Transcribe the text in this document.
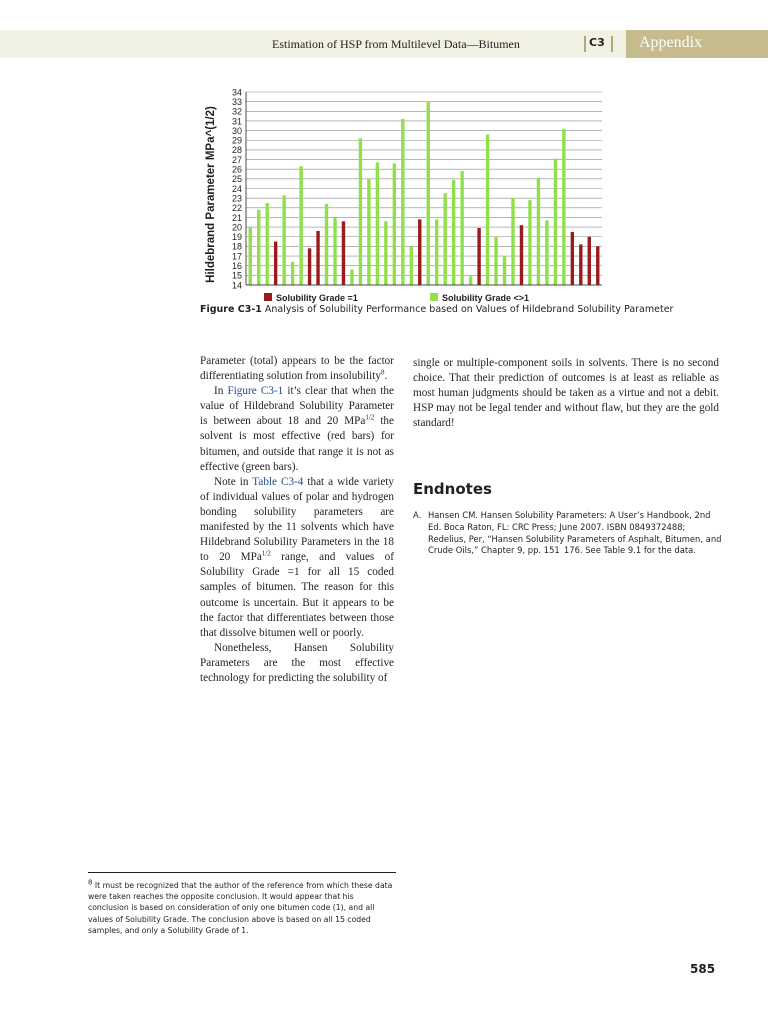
Estimation of HSP from Multilevel Data—Bitumen	C3 Appendix
14
15
16
17
18
19
20
21
22
23
24
25
26
27
28
29
30
31
32
33
34
Solubility Grade =1	Solubility Grade <>1
Hildebrand Parameter MPa^(1/2)
Figure C3-1 Analysis of Solubility Performance based on Values of Hildebrand Solubility Parameter

Parameter (total) appears to be the factor differentiating solution from insolubility$^8$.

In Figure C3-1 it’s clear that when the value of Hildebrand Solubility Parameter is between about 18 and 20 MPa$^{1/2}$ the solvent is most effective (red bars) for bitumen, and outside that range it is not as effective (green bars).

Note in Table C3-4 that a wide variety of individual values of polar and hydrogen bonding solubility parameters are manifested by the 11 solvents which have Hildebrand Solubility Parameters in the 18 to 20 MPa$^{1/2}$ range, and values of Solubility Grade =1 for all 15 coded samples of bitumen. The reason for this outcome is uncertain. But it appears to be the factor that differentiates between those that dissolve bitumen well or poorly.

Nonetheless, Hansen Solubility Parameters are the most effective technology for predicting the solubility of

single or multiple-component soils in solvents. There is no second choice. That their prediction of outcomes is at least as reliable as most human judgments should be taken as a virtue and not a debit. HSP may not be legal tender and without flaw, but they are the gold standard!

Endnotes
A. Hansen CM. Hansen Solubility Parameters: A User’s Handbook, 2nd Ed. Boca Raton, FL: CRC Press; June 2007. ISBN 0849372488; Redelius, Per, “Hansen Solubility Parameters of Asphalt, Bitumen, and Crude Oils,” Chapter 9, pp. 151 176. See Table 9.1 for the data.
$^8$ It must be recognized that the author of the reference from which these data were taken reaches the opposite conclusion. It would appear that his conclusion is based on consideration of only one bitumen code (1), and all values of Solubility Grade. The conclusion above is based on all 15 coded samples, and only a Solubility Grade of 1.
585
